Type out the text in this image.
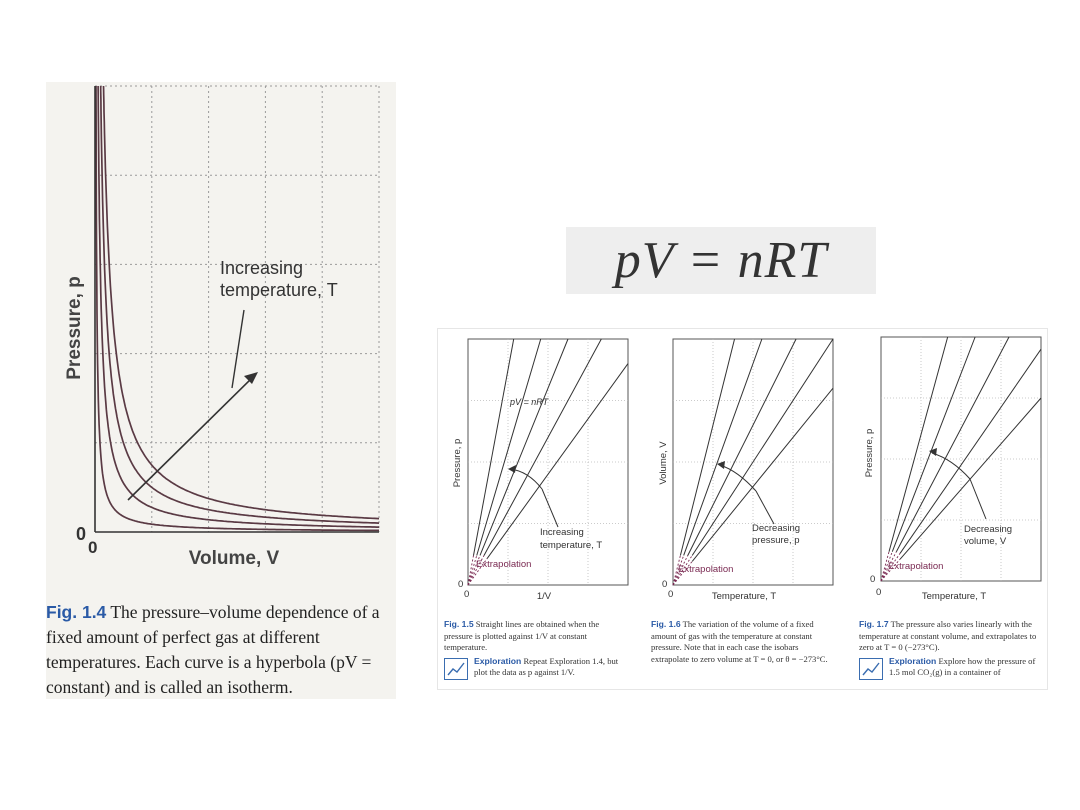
pV = nRT
Increasing temperature, T
Pressure, p
0
0
Volume, V
Fig. 1.4 The pressure–volume dependence of a fixed amount of perfect gas at different temperatures. Each curve is a hyperbola (pV = constant) and is called an isotherm.
pV = nRT
Increasing temperature, T
Extrapolation
Pressure, p
0
0	1/V
Decreasing pressure, p
Extrapolation
Volume, V
0
0	Temperature, T
Decreasing volume, V
Extrapolation
Pressure, p
0
0	Temperature, T
Fig. 1.5 Straight lines are obtained when the pressure is plotted against 1/V at constant temperature.
Exploration Repeat Exploration 1.4, but plot the data as p against 1/V.
Fig. 1.6 The variation of the volume of a fixed amount of gas with the temperature at constant pressure. Note that in each case the isobars extrapolate to zero volume at T = 0, or θ = −273°C.
Fig. 1.7 The pressure also varies linearly with the temperature at constant volume, and extrapolates to zero at T = 0 (−273°C).
Exploration Explore how the pressure of 1.5 mol CO₂(g) in a container of
